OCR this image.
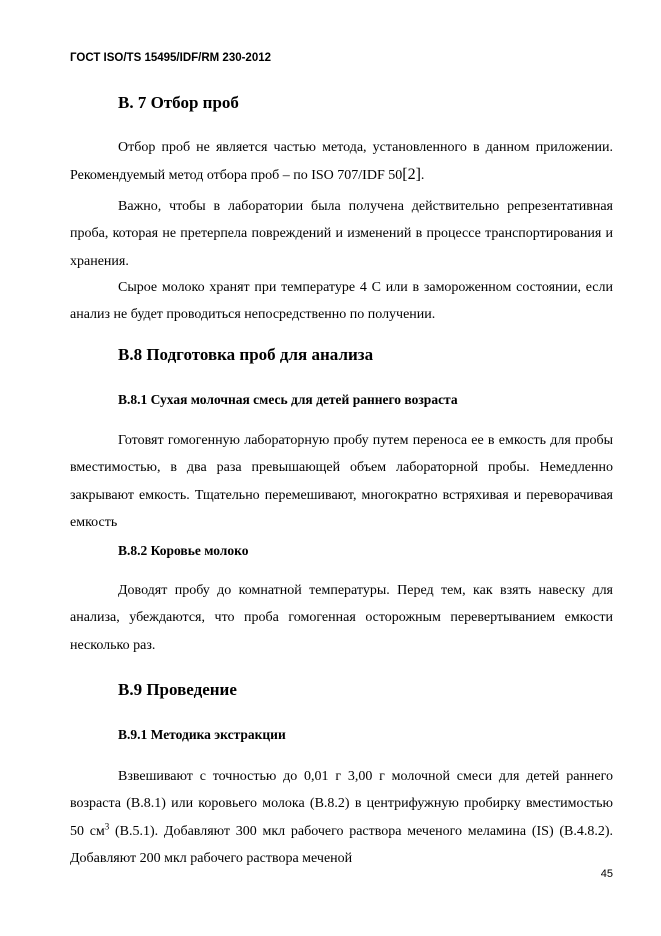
ГОСТ ISO/TS 15495/IDF/RM 230-2012
В. 7 Отбор проб

Отбор проб не является частью метода, установленного в данном приложении. Рекомендуемый метод отбора проб – по ISO 707/IDF 50[2].

Важно, чтобы в лаборатории была получена действительно репрезентативная проба, которая не претерпела повреждений и изменений в процессе транспортирования и хранения.

Сырое молоко хранят при температуре 4 С или в замороженном состоянии, если анализ не будет проводиться непосредственно по получении.

В.8 Подготовка проб для анализа
В.8.1 Сухая молочная смесь для детей раннего возраста

Готовят гомогенную лабораторную пробу путем переноса ее в емкость для пробы вместимостью, в два раза превышающей объем лабораторной пробы. Немедленно закрывают емкость. Тщательно перемешивают, многократно встряхивая и переворачивая емкость

В.8.2 Коровье молоко

Доводят пробу до комнатной температуры. Перед тем, как взять навеску для анализа, убеждаются, что проба гомогенная осторожным перевертыванием емкости несколько раз.

В.9 Проведение
В.9.1 Методика экстракции

Взвешивают с точностью до 0,01 г 3,00 г молочной смеси для детей раннего возраста (В.8.1) или коровьего молока (В.8.2) в центрифужную пробирку вместимостью 50 $см^3$ (В.5.1). Добавляют 300 мкл рабочего раствора меченого меламина (IS) (В.4.8.2). Добавляют 200 мкл рабочего раствора меченой

45
